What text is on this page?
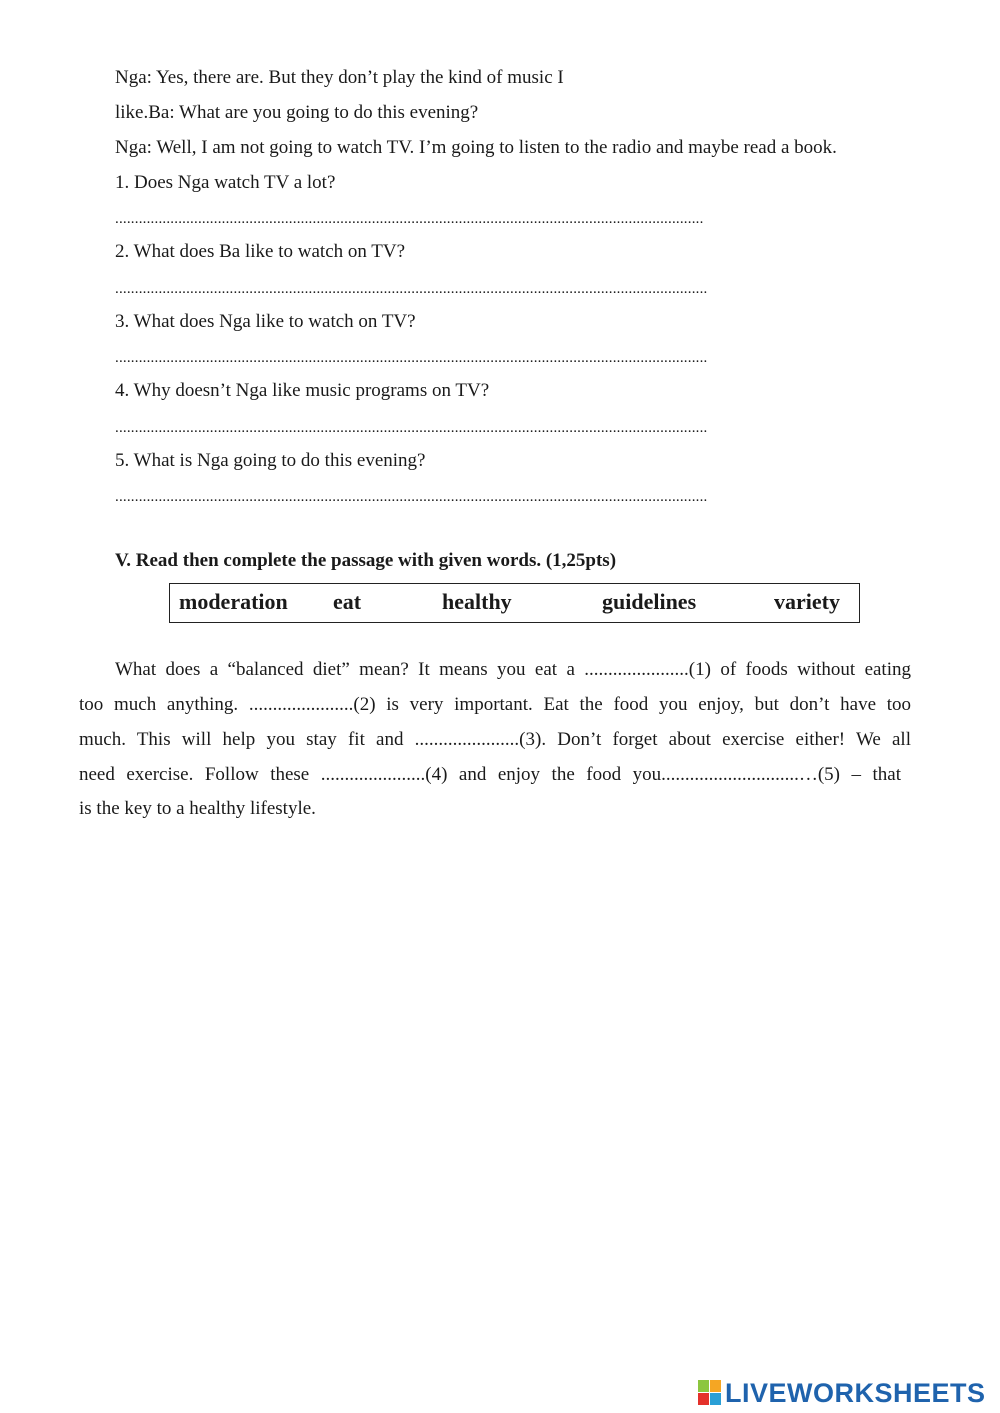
Nga: Yes, there are. But they don’t play the kind of music I
like.Ba: What are you going to do this evening?
Nga: Well, I am not going to watch TV. I’m going to listen to the radio and maybe read a book.
1. Does Nga watch TV a lot?
.....................................................................................................................................................
2. What does Ba like to watch on TV?
......................................................................................................................................................
3. What does Nga like to watch on TV?
......................................................................................................................................................
4. Why doesn’t Nga like music programs on TV?
......................................................................................................................................................
5. What is Nga going to do this evening?
......................................................................................................................................................
V. Read then complete the passage with given words. (1,25pts)
moderation eat	healthy	guidelines	variety
What does a “balanced diet” mean? It means you eat a ......................(1) of foods without eating
too much anything. ......................(2) is very important. Eat the food you enjoy, but don’t have too
much. This will help you stay fit and ......................(3). Don’t forget about exercise either! We all
need exercise. Follow these ......................(4) and enjoy the food you.............................…(5) – that
is the key to a healthy lifestyle.
LIVEWORKSHEETS
